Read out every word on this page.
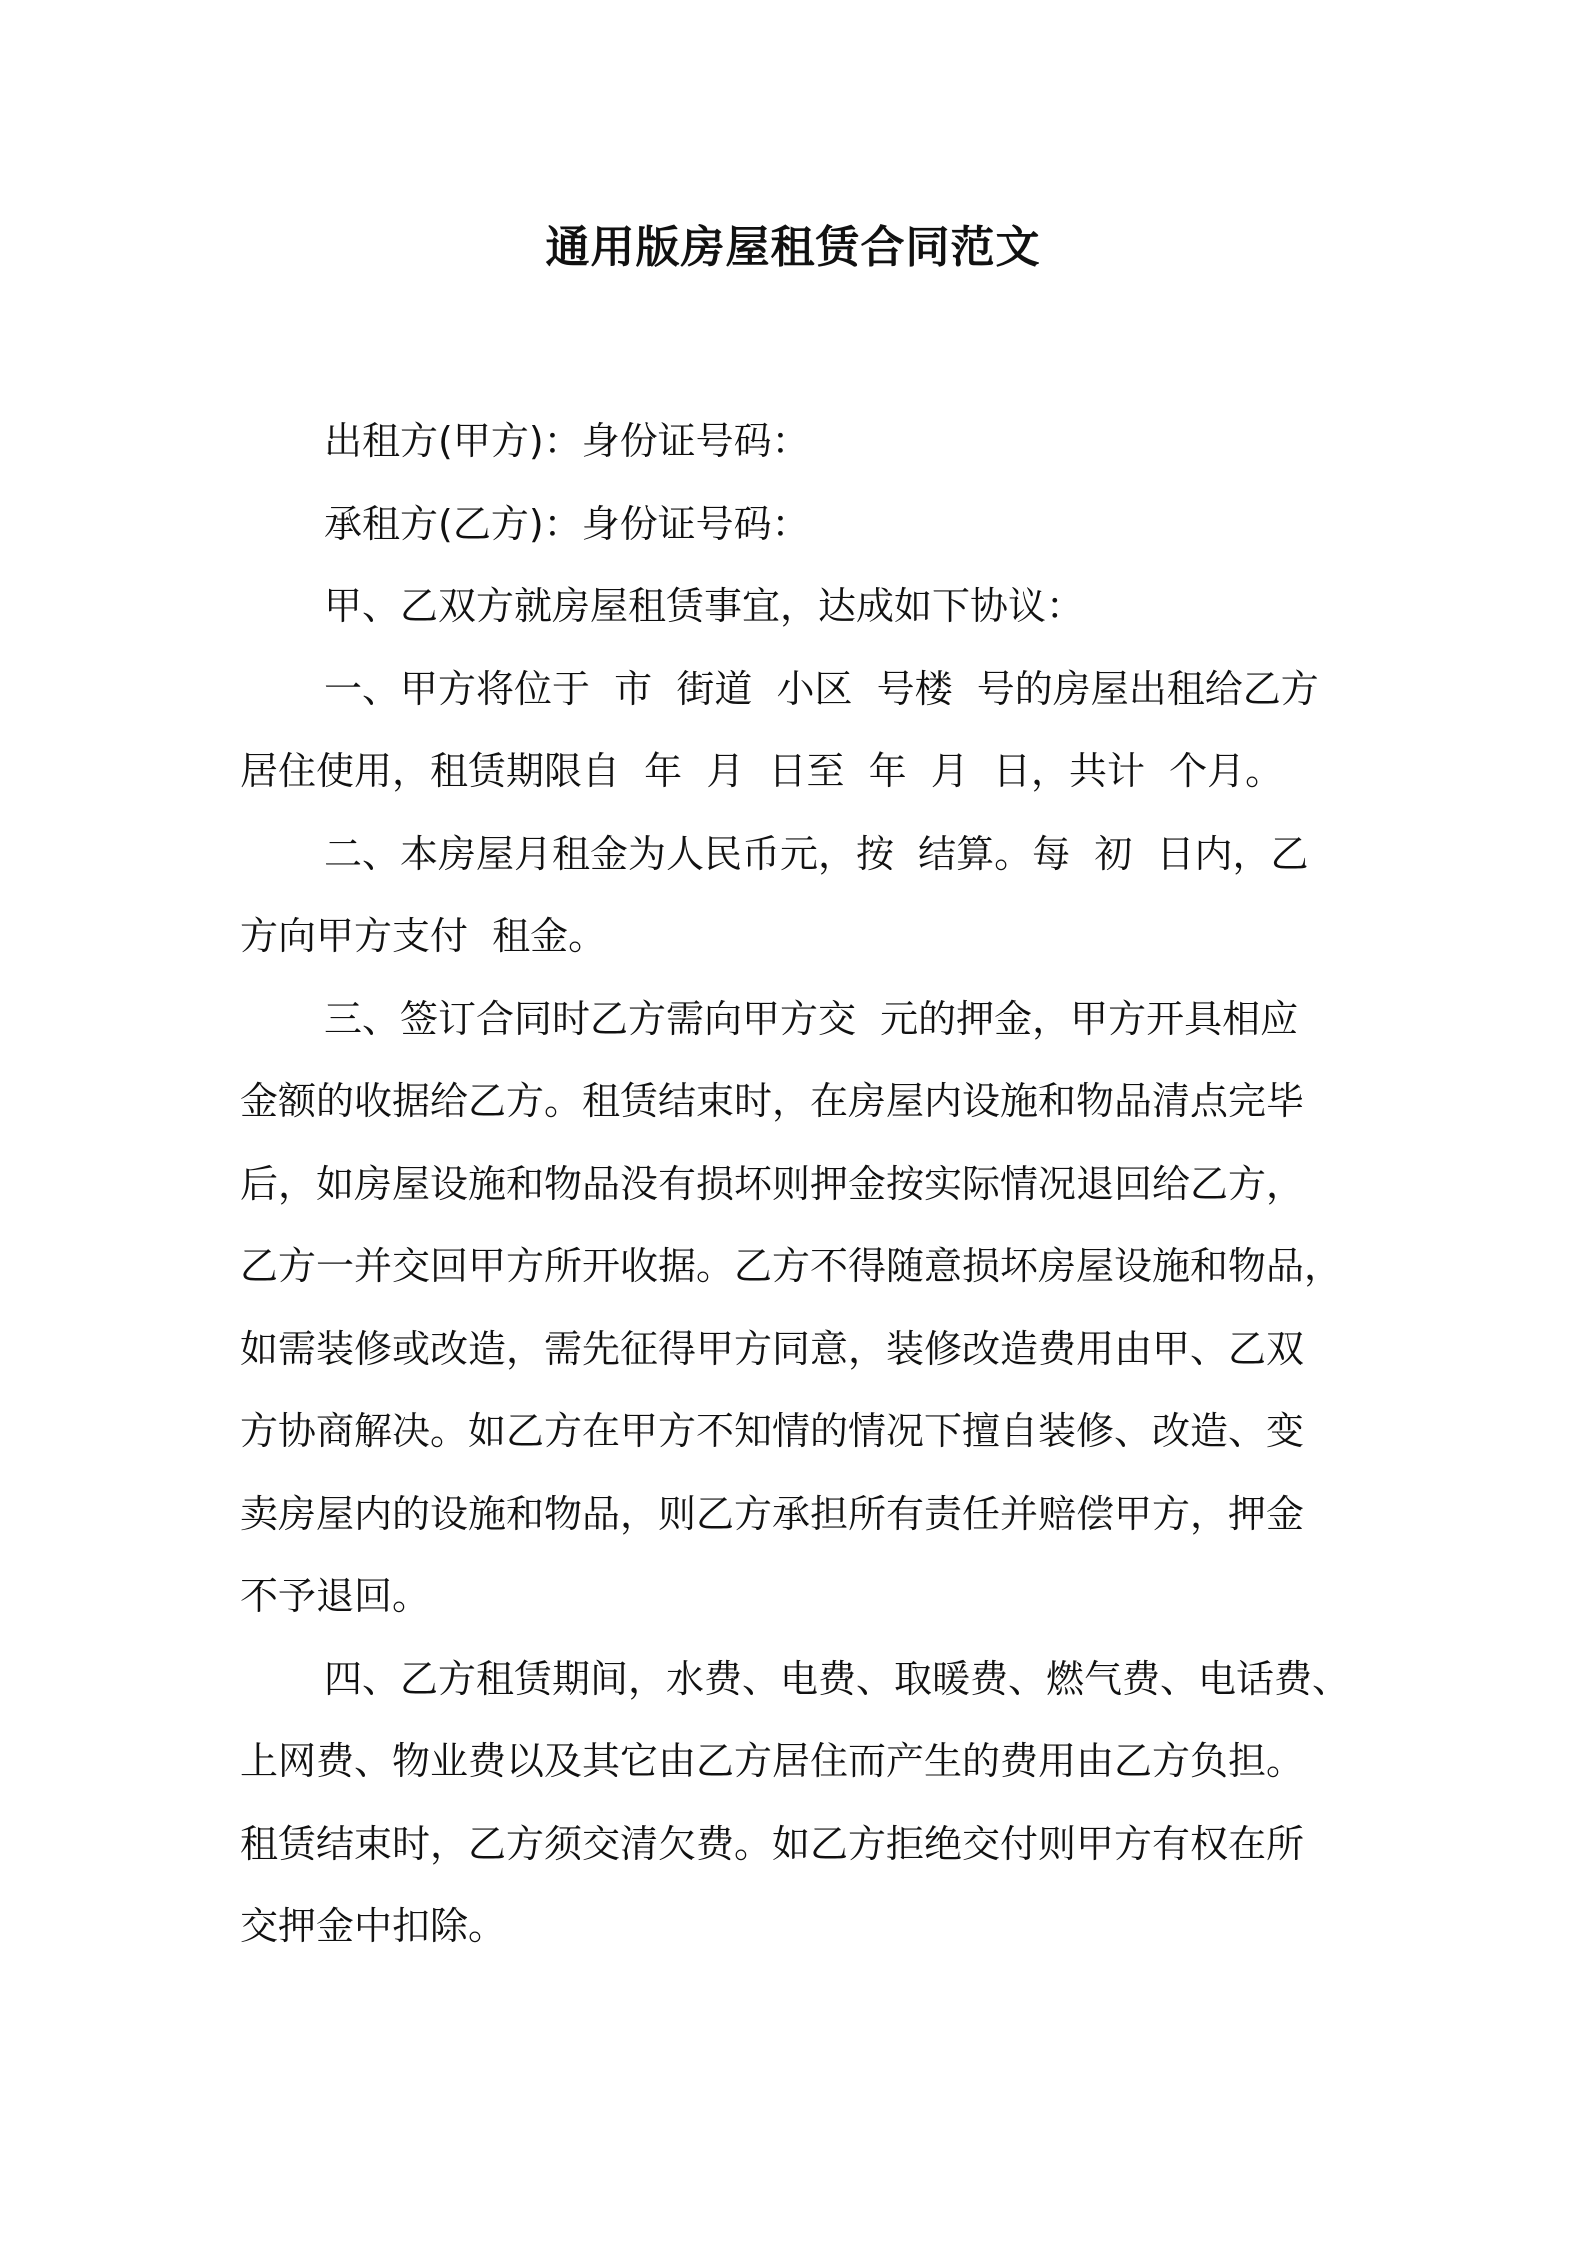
通用版房屋租赁合同范文
出租方(甲方)：身份证号码：
承租方(乙方)：身份证号码：
甲、乙双方就房屋租赁事宜，达成如下协议：
一、甲方将位于  市  街道  小区  号楼  号的房屋出租给乙方
居住使用，租赁期限自  年  月  日至  年  月  日，共计  个月。
二、本房屋月租金为人民币元，按  结算。每  初  日内，乙
方向甲方支付  租金。
三、签订合同时乙方需向甲方交  元的押金，甲方开具相应
金额的收据给乙方。租赁结束时，在房屋内设施和物品清点完毕
后，如房屋设施和物品没有损坏则押金按实际情况退回给乙方，
乙方一并交回甲方所开收据。乙方不得随意损坏房屋设施和物品，
如需装修或改造，需先征得甲方同意，装修改造费用由甲、乙双
方协商解决。如乙方在甲方不知情的情况下擅自装修、改造、变
卖房屋内的设施和物品，则乙方承担所有责任并赔偿甲方，押金
不予退回。
四、乙方租赁期间，水费、电费、取暖费、燃气费、电话费、
上网费、物业费以及其它由乙方居住而产生的费用由乙方负担。
租赁结束时，乙方须交清欠费。如乙方拒绝交付则甲方有权在所
交押金中扣除。
